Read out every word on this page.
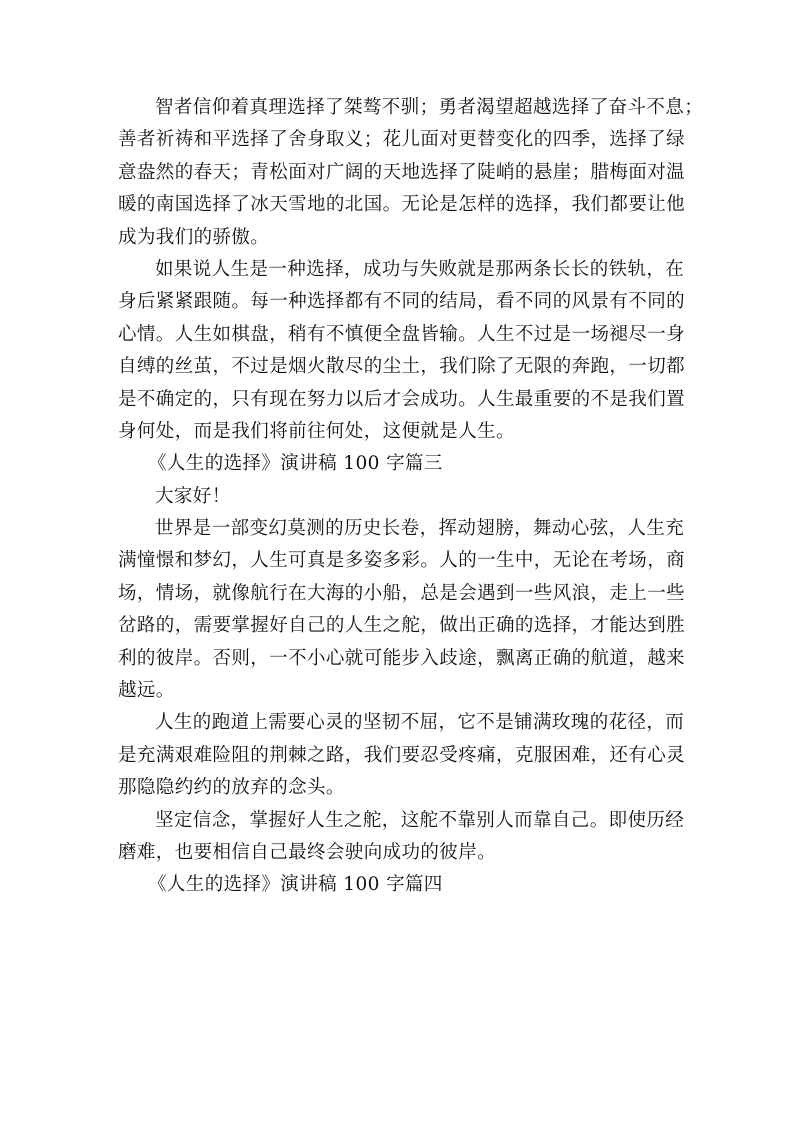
智者信仰着真理选择了桀骜不驯；勇者渴望超越选择了奋斗不息；
善者祈祷和平选择了舍身取义；花儿面对更替变化的四季，选择了绿
意盎然的春天；青松面对广阔的天地选择了陡峭的悬崖；腊梅面对温
暖的南国选择了冰天雪地的北国。无论是怎样的选择，我们都要让他
成为我们的骄傲。
如果说人生是一种选择，成功与失败就是那两条长长的铁轨，在
身后紧紧跟随。每一种选择都有不同的结局，看不同的风景有不同的
心情。人生如棋盘，稍有不慎便全盘皆输。人生不过是一场褪尽一身
自缚的丝茧，不过是烟火散尽的尘土，我们除了无限的奔跑，一切都
是不确定的，只有现在努力以后才会成功。人生最重要的不是我们置
身何处，而是我们将前往何处，这便就是人生。
《人生的选择》演讲稿 100 字篇三
大家好！
世界是一部变幻莫测的历史长卷，挥动翅膀，舞动心弦，人生充
满憧憬和梦幻，人生可真是多姿多彩。人的一生中，无论在考场，商
场，情场，就像航行在大海的小船，总是会遇到一些风浪，走上一些
岔路的，需要掌握好自己的人生之舵，做出正确的选择，才能达到胜
利的彼岸。否则，一不小心就可能步入歧途，飘离正确的航道，越来
越远。
人生的跑道上需要心灵的坚韧不屈，它不是铺满玫瑰的花径，而
是充满艰难险阻的荆棘之路，我们要忍受疼痛，克服困难，还有心灵
那隐隐约约的放弃的念头。
坚定信念，掌握好人生之舵，这舵不靠别人而靠自己。即使历经
磨难，也要相信自己最终会驶向成功的彼岸。
《人生的选择》演讲稿 100 字篇四
